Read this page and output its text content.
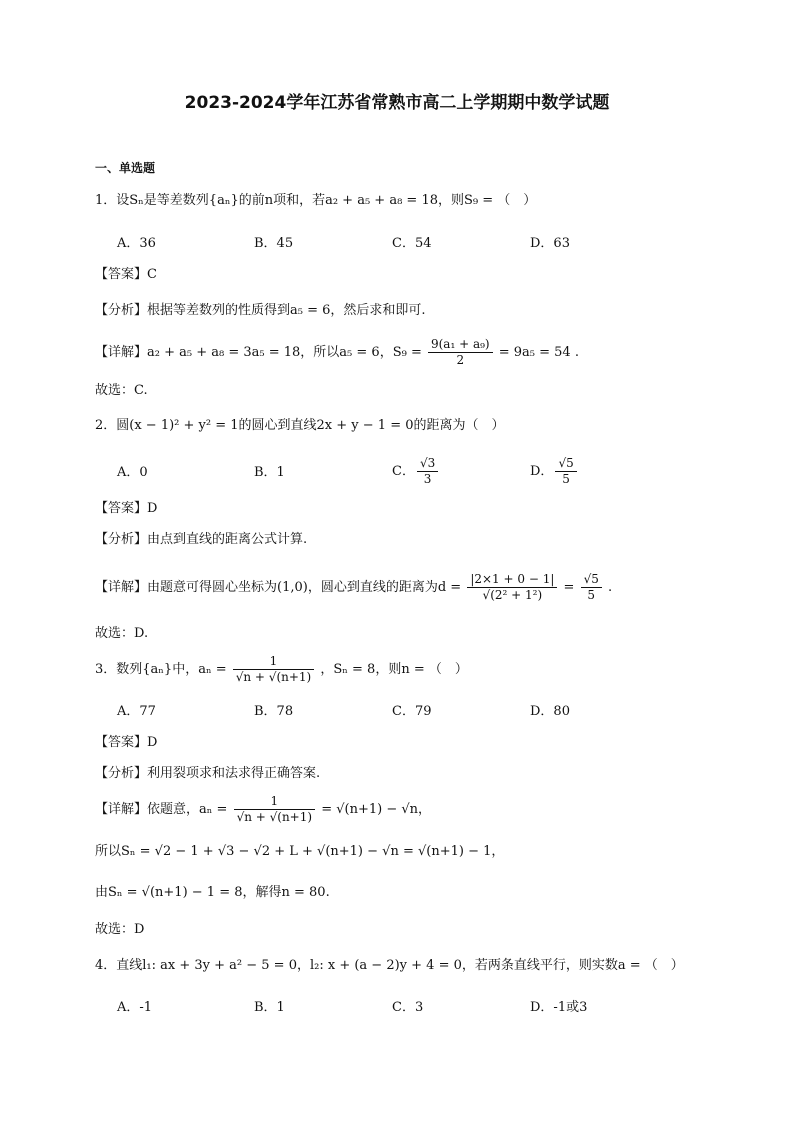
2023-2024学年江苏省常熟市高二上学期期中数学试题
一、单选题
1．设Sₙ是等差数列{aₙ}的前n项和，若a₂ + a₅ + a₈ = 18，则S₉ = （　）
A．36	B．45	C．54	D．63
【答案】C
【分析】根据等差数列的性质得到a₅ = 6，然后求和即可.
【详解】a₂ + a₅ + a₈ = 3a₅ = 18，所以a₅ = 6，$S_9 = \frac{\text{9(a₁ + a₉)}}{2} = 9a_5 = 54$ .
故选：C.
2．圆(x − 1)² + y² = 1的圆心到直线2x + y − 1 = 0的距离为（　）
A．0	B．1	C． $\frac{√3}{3}$	D． $\frac{√5}{5}$
【答案】D
【分析】由点到直线的距离公式计算.
【详解】由题意可得圆心坐标为(1,0)，圆心到直线的距离为$d = \frac{|2\times 1 + 0 - 1|}{\text{√(2² + 1²)}} = \frac{√5}{5}$ .
故选：D.
3．数列{aₙ}中，$a_n = \frac{1}{√n + √(n+1)}$ ，Sₙ = 8，则n = （　）
A．77	B．78	C．79	D．80
【答案】D
【分析】利用裂项求和法求得正确答案.
【详解】依题意，$a_n = \frac{1}{√n + √(n+1)} = √(n+1) - √n$，
所以Sₙ = √2 − 1 + √3 − √2 + L + √(n+1) − √n = √(n+1) − 1，
由Sₙ = √(n+1) − 1 = 8，解得n = 80.
故选：D
4．直线l₁: ax + 3y + a² − 5 = 0，l₂: x + (a − 2)y + 4 = 0，若两条直线平行，则实数a = （　）
A．-1	B．1	C．3	D．-1或3
